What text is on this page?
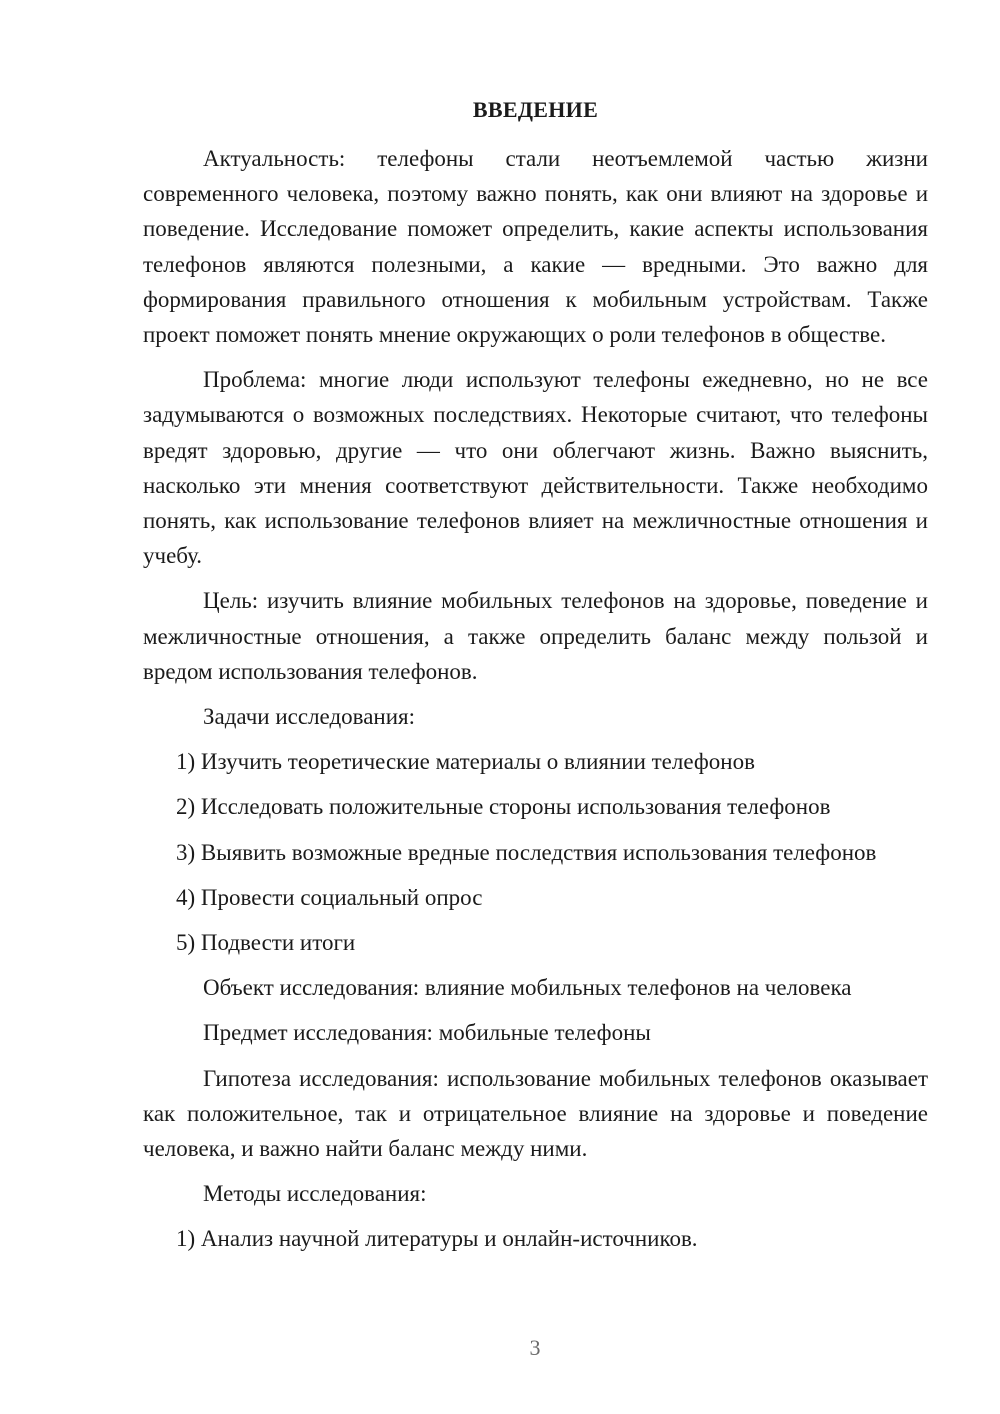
ВВЕДЕНИЕ

Актуальность: телефоны стали неотъемлемой частью жизни современного человека, поэтому важно понять, как они влияют на здоровье и поведение. Исследование поможет определить, какие аспекты использования телефонов являются полезными, а какие — вредными. Это важно для формирования правильного отношения к мобильным устройствам. Также проект поможет понять мнение окружающих о роли телефонов в обществе.

Проблема: многие люди используют телефоны ежедневно, но не все задумываются о возможных последствиях. Некоторые считают, что телефоны вредят здоровью, другие — что они облегчают жизнь. Важно выяснить, насколько эти мнения соответствуют действительности. Также необходимо понять, как использование телефонов влияет на межличностные отношения и учебу.

Цель: изучить влияние мобильных телефонов на здоровье, поведение и межличностные отношения, а также определить баланс между пользой и вредом использования телефонов.

Задачи исследования:
1) Изучить теоретические материалы о влиянии телефонов
2) Исследовать положительные стороны использования телефонов
3) Выявить возможные вредные последствия использования телефонов
4) Провести социальный опрос
5) Подвести итоги
Объект исследования: влияние мобильных телефонов на человека
Предмет исследования: мобильные телефоны

Гипотеза исследования: использование мобильных телефонов оказывает как положительное, так и отрицательное влияние на здоровье и поведение человека, и важно найти баланс между ними.

Методы исследования:
1) Анализ научной литературы и онлайн-источников.
3
